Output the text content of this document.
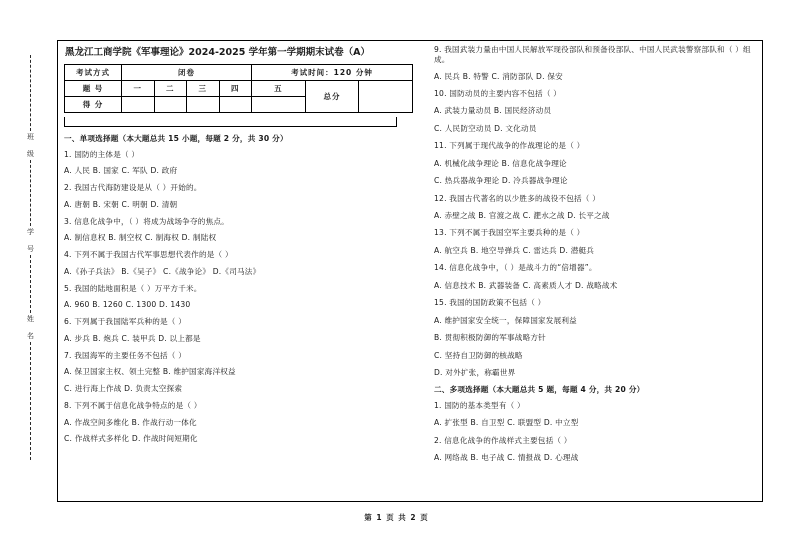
班 级
学 号
姓 名
黑龙江工商学院《军事理论》2024-2025 学年第一学期期末试卷（A）
考试方式	闭卷				考试时间：120 分钟		
题 号	一	二	三	四	五	总分	
得 分							
一、单项选择题（本大题总共 15 小题，每题 2 分，共 30 分）
1. 国防的主体是（ ）
A. 人民 B. 国家 C. 军队 D. 政府
2. 我国古代海防建设是从（ ）开始的。
A. 唐朝 B. 宋朝 C. 明朝 D. 清朝
3. 信息化战争中，（ ）将成为战场争夺的焦点。
A. 制信息权 B. 制空权 C. 制海权 D. 制陆权
4. 下列不属于我国古代军事思想代表作的是（ ）
A.《孙子兵法》 B.《吴子》 C.《战争论》 D.《司马法》
5. 我国的陆地面积是（ ）万平方千米。
A. 960 B. 1260 C. 1300 D. 1430
6. 下列属于我国陆军兵种的是（ ）
A. 步兵 B. 炮兵 C. 装甲兵 D. 以上都是
7. 我国海军的主要任务不包括（ ）
A. 保卫国家主权、领土完整 B. 维护国家海洋权益
C. 进行海上作战 D. 负责太空探索
8. 下列不属于信息化战争特点的是（ ）
A. 作战空间多维化 B. 作战行动一体化
C. 作战样式多样化 D. 作战时间短期化
9. 我国武装力量由中国人民解放军现役部队和预备役部队、中国人民武装警察部队和（ ）组成。
A. 民兵 B. 特警 C. 消防部队 D. 保安
10. 国防动员的主要内容不包括（ ）
A. 武装力量动员 B. 国民经济动员
C. 人民防空动员 D. 文化动员
11. 下列属于现代战争的作战理论的是（ ）
A. 机械化战争理论 B. 信息化战争理论
C. 热兵器战争理论 D. 冷兵器战争理论
12. 我国古代著名的以少胜多的战役不包括（ ）
A. 赤壁之战 B. 官渡之战 C. 淝水之战 D. 长平之战
13. 下列不属于我国空军主要兵种的是（ ）
A. 航空兵 B. 地空导弹兵 C. 雷达兵 D. 潜艇兵
14. 信息化战争中，（ ）是战斗力的“倍增器”。
A. 信息技术 B. 武器装备 C. 高素质人才 D. 战略战术
15. 我国的国防政策不包括（ ）
A. 维护国家安全统一，保障国家发展利益
B. 贯彻积极防御的军事战略方针
C. 坚持自卫防御的核战略
D. 对外扩张，称霸世界
二、多项选择题（本大题总共 5 题，每题 4 分，共 20 分）
1. 国防的基本类型有（ ）
A. 扩张型 B. 自卫型 C. 联盟型 D. 中立型
2. 信息化战争的作战样式主要包括（ ）
A. 网络战 B. 电子战 C. 情报战 D. 心理战
第 1 页 共 2 页
